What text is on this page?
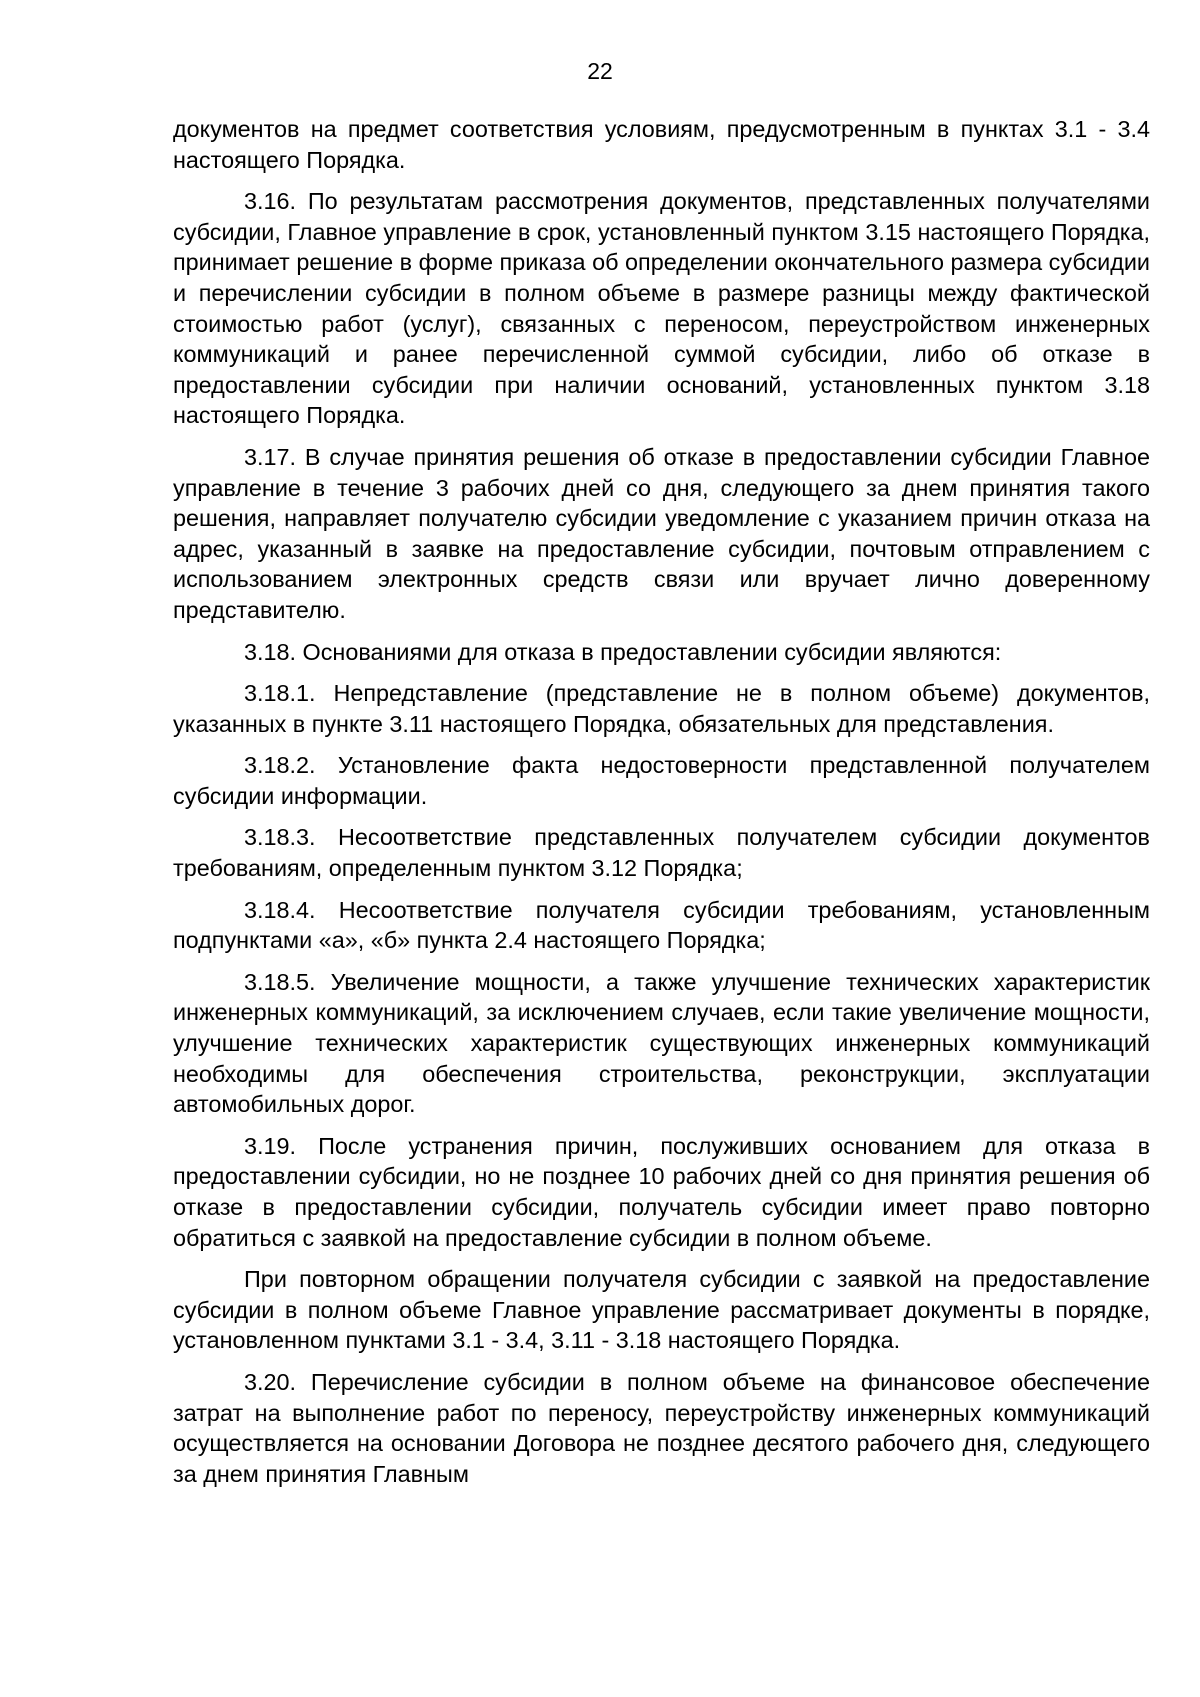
22

документов на предмет соответствия условиям, предусмотренным в пунктах 3.1 - 3.4 настоящего Порядка.

3.16. По результатам рассмотрения документов, представленных получателями субсидии, Главное управление в срок, установленный пунктом 3.15 настоящего Порядка, принимает решение в форме приказа об определении окончательного размера субсидии и перечислении субсидии в полном объеме в размере разницы между фактической стоимостью работ (услуг), связанных с переносом, переустройством инженерных коммуникаций и ранее перечисленной суммой субсидии, либо об отказе в предоставлении субсидии при наличии оснований, установленных пунктом 3.18 настоящего Порядка.

3.17. В случае принятия решения об отказе в предоставлении субсидии Главное управление в течение 3 рабочих дней со дня, следующего за днем принятия такого решения, направляет получателю субсидии уведомление с указанием причин отказа на адрес, указанный в заявке на предоставление субсидии, почтовым отправлением с использованием электронных средств связи или вручает лично доверенному представителю.

3.18. Основаниями для отказа в предоставлении субсидии являются:

3.18.1. Непредставление (представление не в полном объеме) документов, указанных в пункте 3.11 настоящего Порядка, обязательных для представления.

3.18.2. Установление факта недостоверности представленной получателем субсидии информации.

3.18.3. Несоответствие представленных получателем субсидии документов требованиям, определенным пунктом 3.12 Порядка;

3.18.4. Несоответствие получателя субсидии требованиям, установленным подпунктами «а», «б» пункта 2.4 настоящего Порядка;

3.18.5. Увеличение мощности, а также улучшение технических характеристик инженерных коммуникаций, за исключением случаев, если такие увеличение мощности, улучшение технических характеристик существующих инженерных коммуникаций необходимы для обеспечения строительства, реконструкции, эксплуатации автомобильных дорог.

3.19. После устранения причин, послуживших основанием для отказа в предоставлении субсидии, но не позднее 10 рабочих дней со дня принятия решения об отказе в предоставлении субсидии, получатель субсидии имеет право повторно обратиться с заявкой на предоставление субсидии в полном объеме.

При повторном обращении получателя субсидии с заявкой на предоставление субсидии в полном объеме Главное управление рассматривает документы в порядке, установленном пунктами 3.1 - 3.4, 3.11 - 3.18 настоящего Порядка.

3.20. Перечисление субсидии в полном объеме на финансовое обеспечение затрат на выполнение работ по переносу, переустройству инженерных коммуникаций осуществляется на основании Договора не позднее десятого рабочего дня, следующего за днем принятия Главным
